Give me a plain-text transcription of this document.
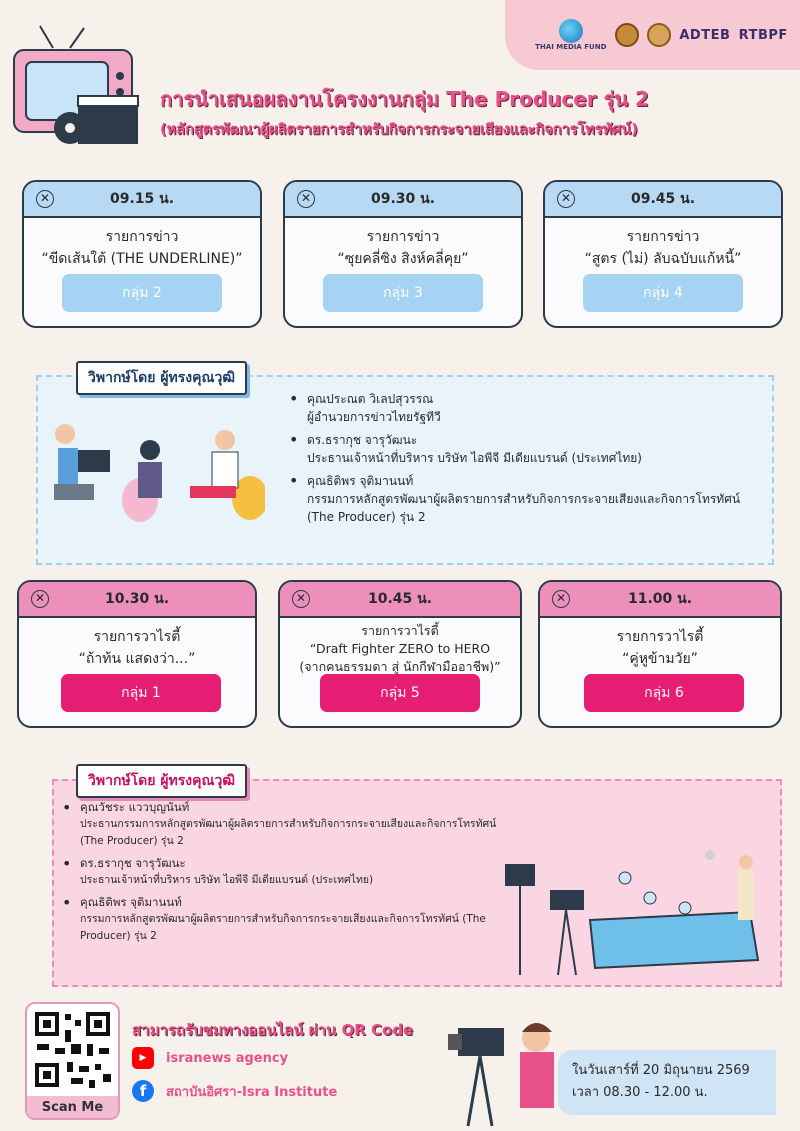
THAI MEDIA FUND
ADTEB RTBPF
การนำเสนอผลงานโครงงานกลุ่ม The Producer รุ่น 2
(หลักสูตรพัฒนาผู้ผลิตรายการสำหรับกิจการกระจายเสียงและกิจการโทรทัศน์)
✕	09.15 น.
รายการข่าว
“ขีดเส้นใต้ (THE UNDERLINE)”
กลุ่ม 2
✕	09.30 น.
รายการข่าว
“ซุยคลี่ซิง สิงห์คลี่คุย”
กลุ่ม 3
✕	09.45 น.
รายการข่าว
“สูตร (ไม่) ลับฉบับแก้หนี้”
กลุ่ม 4
วิพากษ์โดย ผู้ทรงคุณวุฒิ
• คุณประณต วิเลปสุวรรณ
ผู้อำนวยการข่าวไทยรัฐทีวี
• ดร.ธรากุช จารุวัฒนะ
ประธานเจ้าหน้าที่บริหาร บริษัท ไอพีจี มีเดียแบรนด์ (ประเทศไทย)
• คุณธิติพร จุติมานนท์
กรรมการหลักสูตรพัฒนาผู้ผลิตรายการสำหรับกิจการกระจายเสียงและกิจการโทรทัศน์ (The Producer) รุ่น 2
✕	10.30 น.
รายการวาไรตี้
“ถ้าท้น แสดงว่า...”
กลุ่ม 1
✕	10.45 น.
รายการวาไรตี้
“Draft Fighter ZERO to HERO
(จากคนธรรมดา สู่ นักกีฬามืออาชีพ)”
กลุ่ม 5
✕	11.00 น.
รายการวาไรตี้
“คู่หูข้ามวัย”
กลุ่ม 6
วิพากษ์โดย ผู้ทรงคุณวุฒิ
• คุณวัชระ แววบุญนันท์
ประธานกรรมการหลักสูตรพัฒนาผู้ผลิตรายการสำหรับกิจการกระจายเสียงและกิจการโทรทัศน์ (The Producer) รุ่น 2
• ดร.ธรากุช จารุวัฒนะ
ประธานเจ้าหน้าที่บริหาร บริษัท ไอพีจี มีเดียแบรนด์ (ประเทศไทย)
• คุณธิติพร จุติมานนท์
กรรมการหลักสูตรพัฒนาผู้ผลิตรายการสำหรับกิจการกระจายเสียงและกิจการโทรทัศน์ (The Producer) รุ่น 2
Scan Me
สามารถรับชมทางออนไลน์ ผ่าน QR Code
▶	isranews agency
f	สถาบันอิศรา-Isra Institute
ในวันเสาร์ที่ 20 มิถุนายน 2569
เวลา 08.30 - 12.00 น.
